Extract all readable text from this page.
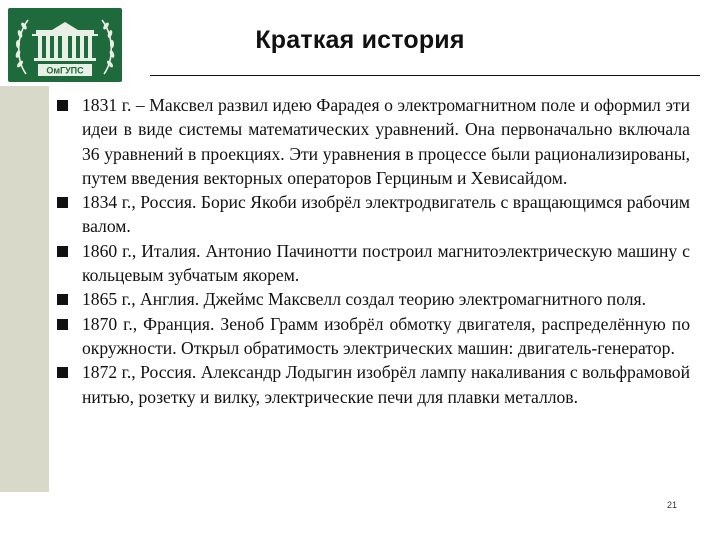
ОмГУПС
Краткая история
1831 г. – Максвел развил идею Фарадея о электромагнитном поле и оформил эти идеи в виде системы математических уравнений. Она первоначально включала 36 уравнений в проекциях. Эти уравнения в процессе были рационализированы, путем введения векторных операторов Герциным и Хевисайдом.
1834 г., Россия. Борис Якоби изобрёл электродвигатель с вращающимся рабочим валом.
1860 г., Италия. Антонио Пачинотти построил магнитоэлектрическую машину с кольцевым зубчатым якорем.
1865 г., Англия. Джеймс Максвелл создал теорию электромагнитного поля.
1870 г., Франция. Зеноб Грамм изобрёл обмотку двигателя, распределённую по окружности. Открыл обратимость электрических машин: двигатель-генератор.
1872 г., Россия. Александр Лодыгин изобрёл лампу накаливания с вольфрамовой нитью, розетку и вилку, электрические печи для плавки металлов.
21
